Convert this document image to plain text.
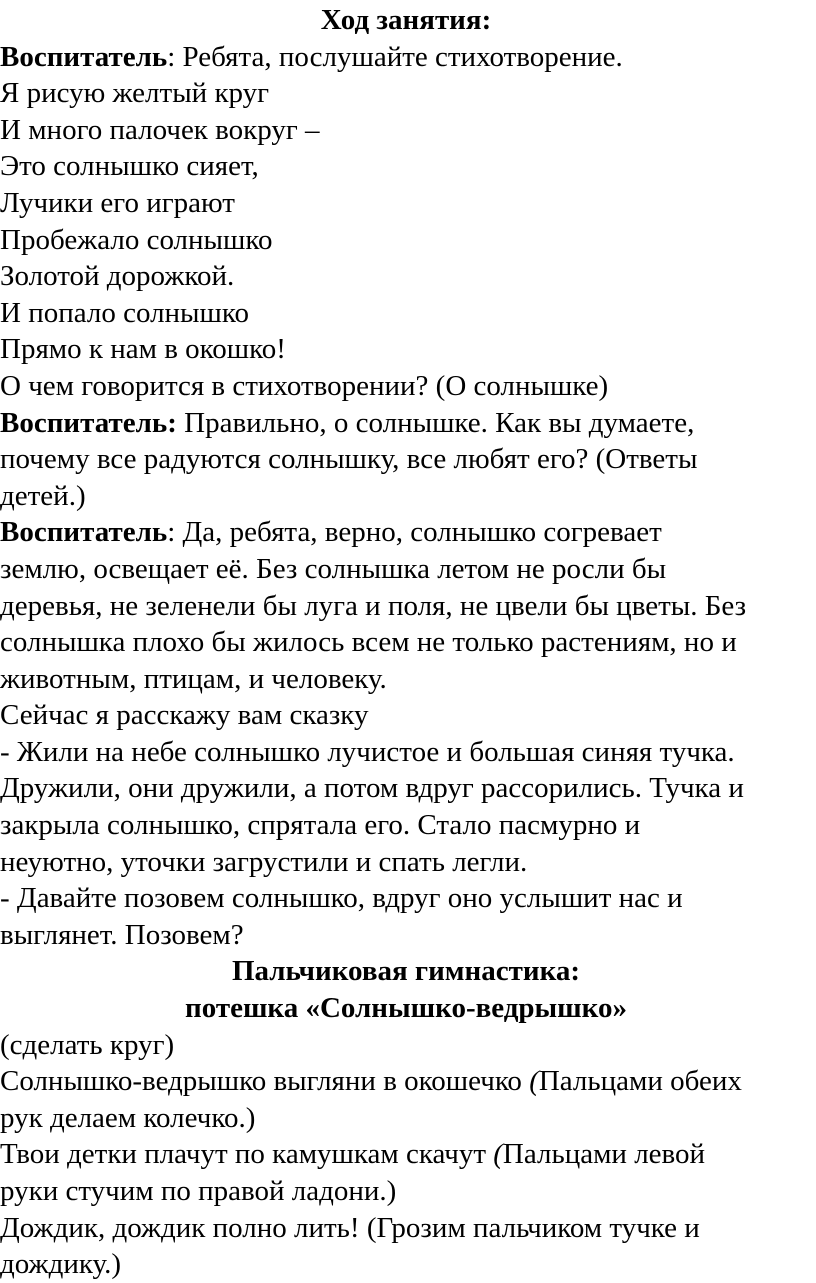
Ход занятия:
Воспитатель: Ребята, послушайте стихотворение.
Я рисую желтый круг
И много палочек вокруг –
Это солнышко сияет,
Лучики его играют
Пробежало солнышко
Золотой дорожкой.
И попало солнышко
Прямо к нам в окошко!
О чем говорится в стихотворении? (О солнышке)
Воспитатель: Правильно, о солнышке. Как вы думаете,
почему все радуются солнышку, все любят его? (Ответы
детей.)
Воспитатель: Да, ребята, верно, солнышко согревает
землю, освещает её. Без солнышка летом не росли бы
деревья, не зеленели бы луга и поля, не цвели бы цветы. Без
солнышка плохо бы жилось всем не только растениям, но и
животным, птицам, и человеку.
Сейчас я расскажу вам сказку
- Жили на небе солнышко лучистое и большая синяя тучка.
Дружили, они дружили, а потом вдруг рассорились. Тучка и
закрыла солнышко, спрятала его. Стало пасмурно и
неуютно, уточки загрустили и спать легли.
- Давайте позовем солнышко, вдруг оно услышит нас и
выглянет. Позовем?
Пальчиковая гимнастика:
потешка «Солнышко-ведрышко»
(сделать круг)
Солнышко-ведрышко выгляни в окошечко (Пальцами обеих
рук делаем колечко.)
Твои детки плачут по камушкам скачут (Пальцами левой
руки стучим по правой ладони.)
Дождик, дождик полно лить! (Грозим пальчиком тучке и
дождику.)
